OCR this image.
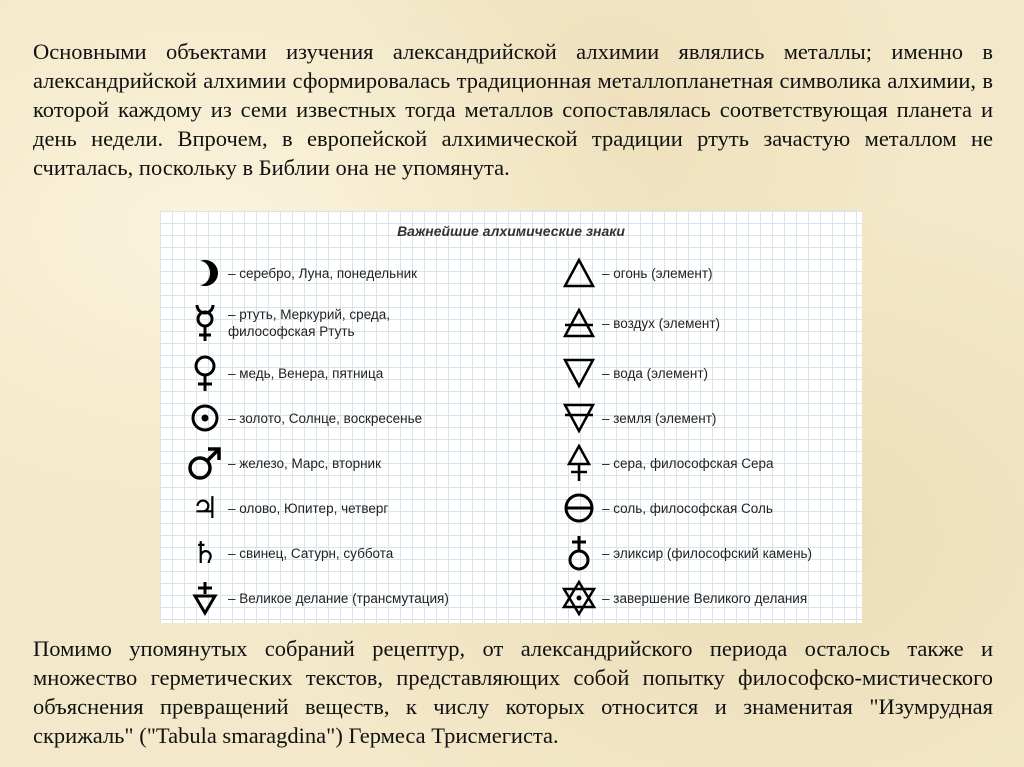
Основными объектами изучения александрийской алхимии являлись металлы; именно в александрийской алхимии сформировалась традиционная металлопланетная символика алхимии, в которой каждому из семи известных тогда металлов сопоставлялась соответствующая планета и день недели. Впрочем, в европейской алхимической традиции ртуть зачастую металлом не считалась, поскольку в Библии она не упомянута.
Важнейшие алхимические знаки
– серебро, Луна, понедельник
– ртуть, Меркурий, среда,
философская Ртуть
– медь, Венера, пятница
– золото, Солнце, воскресенье
– железо, Марс, вторник
♃ – олово, Юпитер, четверг
♄ – свинец, Сатурн, суббота
– Великое делание (трансмутация)
– огонь (элемент)
– воздух (элемент)
– вода (элемент)
– земля (элемент)
– сера, философская Сера
– соль, философская Соль
– эликсир (философский камень)
– завершение Великого делания
Помимо упомянутых собраний рецептур, от александрийского периода осталось также и множество герметических текстов, представляющих собой попытку философско-мистического объяснения превращений веществ, к числу которых относится и знаменитая "Изумрудная скрижаль" ("Tabula smaragdina") Гермеса Трисмегиста.
